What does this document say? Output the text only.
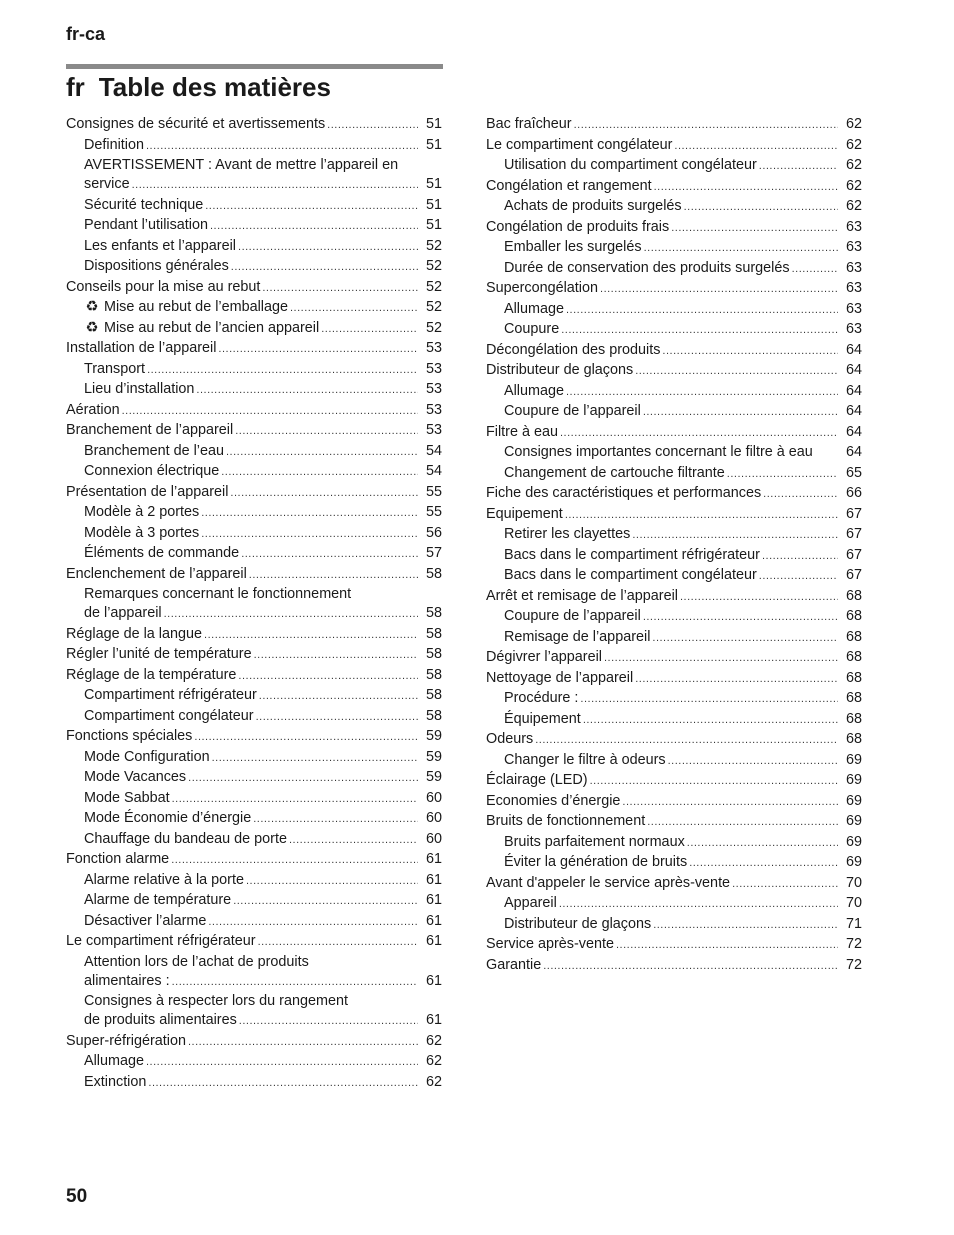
fr-ca
fr Table des matières
Consignes de sécurité et avertissements .....	51
Definition .....	51
AVERTISSEMENT : Avant de mettre l’appareil en
service .....	51
Sécurité technique .....	51
Pendant l’utilisation .....	51
Les enfants et l’appareil .....	52
Dispositions générales .....	52
Conseils pour la mise au rebut .....	52
♻ Mise au rebut de l’emballage .....	52
♻ Mise au rebut de l’ancien appareil .....	52
Installation de l’appareil .....	53
Transport .....	53
Lieu d’installation .....	53
Aération .....	53
Branchement de l’appareil .....	53
Branchement de l’eau .....	54
Connexion électrique .....	54
Présentation de l’appareil .....	55
Modèle à 2 portes .....	55
Modèle à 3 portes .....	56
Éléments de commande .....	57
Enclenchement de l’appareil .....	58
Remarques concernant le fonctionnement
de l’appareil .....	58
Réglage de la langue .....	58
Régler l’unité de température .....	58
Réglage de la température .....	58
Compartiment réfrigérateur .....	58
Compartiment congélateur .....	58
Fonctions spéciales .....	59
Mode Configuration .....	59
Mode Vacances .....	59
Mode Sabbat .....	60
Mode Économie d’énergie .....	60
Chauffage du bandeau de porte .....	60
Fonction alarme .....	61
Alarme relative à la porte .....	61
Alarme de température .....	61
Désactiver l’alarme .....	61
Le compartiment réfrigérateur .....	61
Attention lors de l’achat de produits
alimentaires : .....	61
Consignes à respecter lors du rangement
de produits alimentaires .....	61
Super-réfrigération .....	62
Allumage .....	62
Extinction .....	62
Bac fraîcheur .....	62
Le compartiment congélateur .....	62
Utilisation du compartiment congélateur .....	62
Congélation et rangement .....	62
Achats de produits surgelés .....	62
Congélation de produits frais .....	63
Emballer les surgelés .....	63
Durée de conservation des produits surgelés .....	63
Supercongélation .....	63
Allumage .....	63
Coupure .....	63
Décongélation des produits .....	64
Distributeur de glaçons .....	64
Allumage .....	64
Coupure de l’appareil .....	64
Filtre à eau .....	64
Consignes importantes concernant le filtre à eau 64
Changement de cartouche filtrante .....	65
Fiche des caractéristiques et performances .....	66
Equipement .....	67
Retirer les clayettes .....	67
Bacs dans le compartiment réfrigérateur .....	67
Bacs dans le compartiment congélateur .....	67
Arrêt et remisage de l’appareil .....	68
Coupure de l’appareil .....	68
Remisage de l’appareil .....	68
Dégivrer l’appareil .....	68
Nettoyage de l’appareil .....	68
Procédure : .....	68
Équipement .....	68
Odeurs .....	68
Changer le filtre à odeurs .....	69
Éclairage (LED) .....	69
Economies d’énergie .....	69
Bruits de fonctionnement .....	69
Bruits parfaitement normaux .....	69
Éviter la génération de bruits .....	69
Avant d'appeler le service après-vente .....	70
Appareil .....	70
Distributeur de glaçons .....	71
Service après-vente .....	72
Garantie .....	72
50
